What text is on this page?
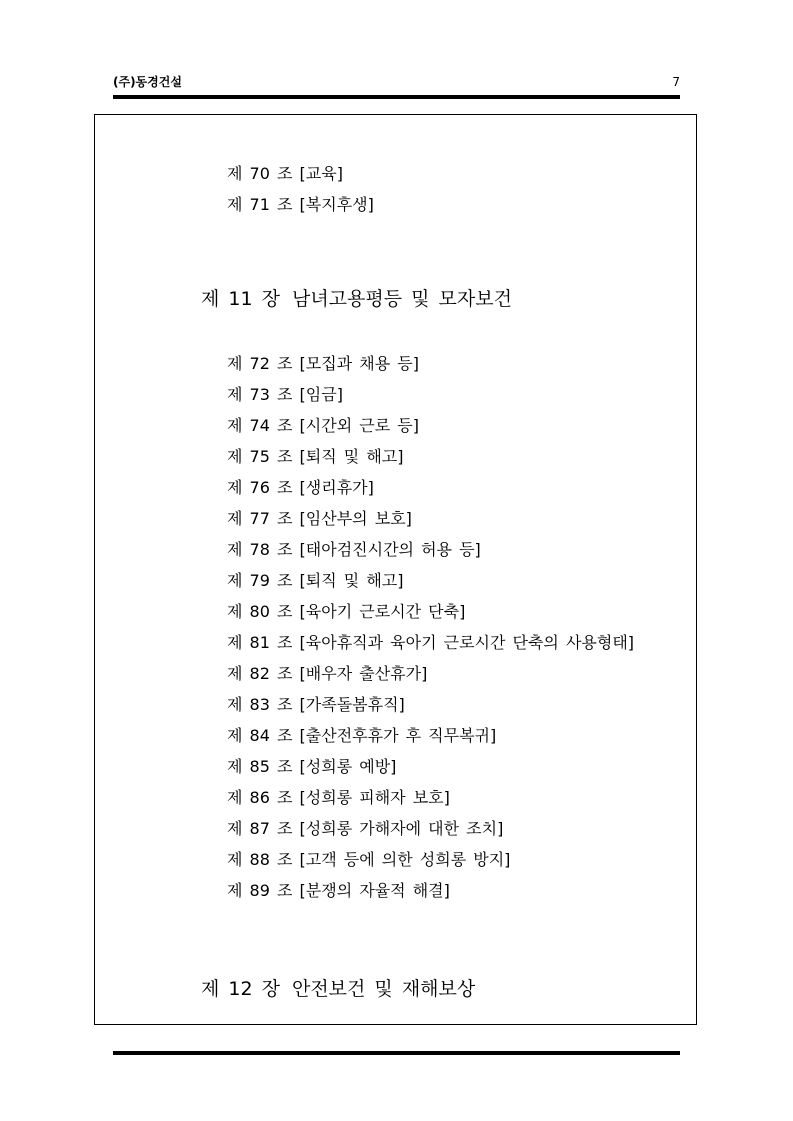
(주)동경건설	7
제 70 조 [교육]
제 71 조 [복지후생]
제 11 장 남녀고용평등 및 모자보건
제 72 조 [모집과 채용 등]
제 73 조 [임금]
제 74 조 [시간외 근로 등]
제 75 조 [퇴직 및 해고]
제 76 조 [생리휴가]
제 77 조 [임산부의 보호]
제 78 조 [태아검진시간의 허용 등]
제 79 조 [퇴직 및 해고]
제 80 조 [육아기 근로시간 단축]
제 81 조 [육아휴직과 육아기 근로시간 단축의 사용형태]
제 82 조 [배우자 출산휴가]
제 83 조 [가족돌봄휴직]
제 84 조 [출산전후휴가 후 직무복귀]
제 85 조 [성희롱 예방]
제 86 조 [성희롱 피해자 보호]
제 87 조 [성희롱 가해자에 대한 조치]
제 88 조 [고객 등에 의한 성희롱 방지]
제 89 조 [분쟁의 자율적 해결]
제 12 장 안전보건 및 재해보상
